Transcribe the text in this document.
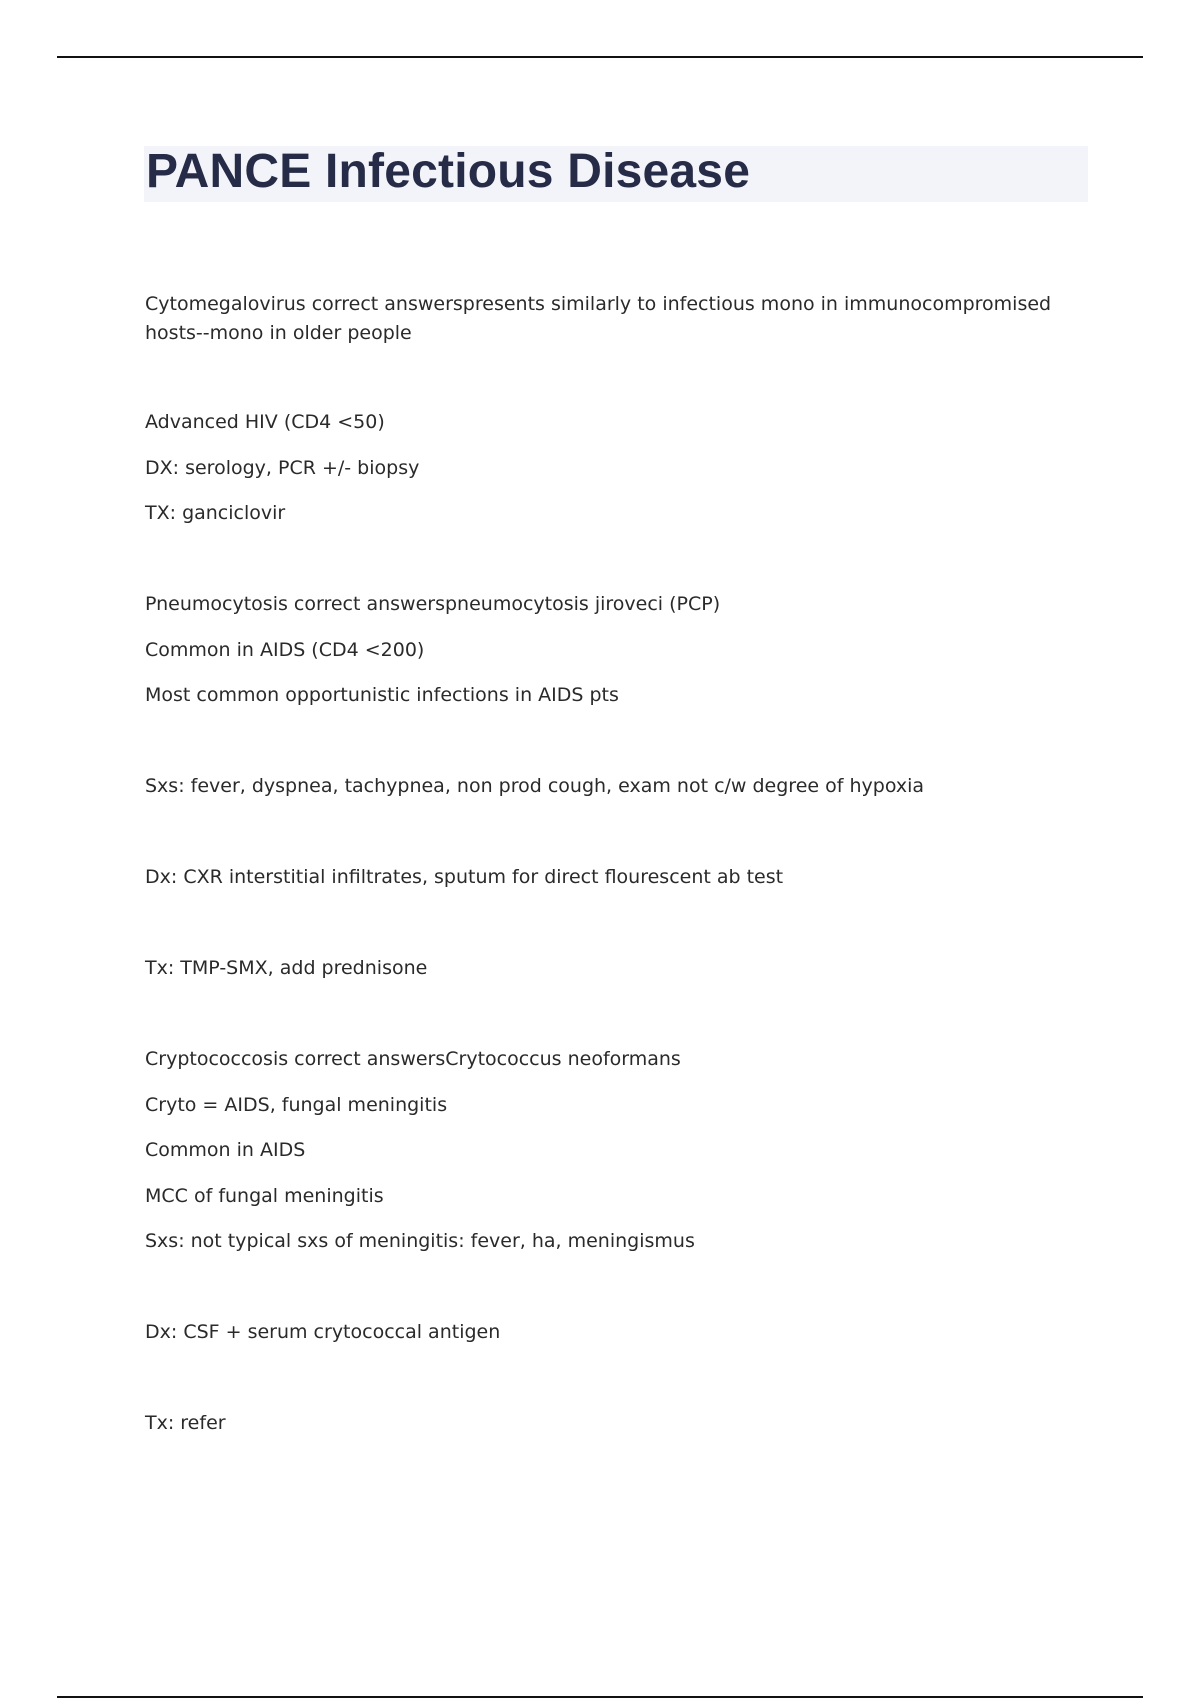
PANCE Infectious Disease

Cytomegalovirus correct answerspresents similarly to infectious mono in immunocompromised hosts--mono in older people

Advanced HIV (CD4 <50)

DX: serology, PCR +/- biopsy

TX: ganciclovir

Pneumocytosis correct answerspneumocytosis jiroveci (PCP)

Common in AIDS (CD4 <200)

Most common opportunistic infections in AIDS pts

Sxs: fever, dyspnea, tachypnea, non prod cough, exam not c/w degree of hypoxia

Dx: CXR interstitial infiltrates, sputum for direct flourescent ab test

Tx: TMP-SMX, add prednisone

Cryptococcosis correct answersCrytococcus neoformans

Cryto = AIDS, fungal meningitis

Common in AIDS

MCC of fungal meningitis

Sxs: not typical sxs of meningitis: fever, ha, meningismus

Dx: CSF + serum crytococcal antigen

Tx: refer
